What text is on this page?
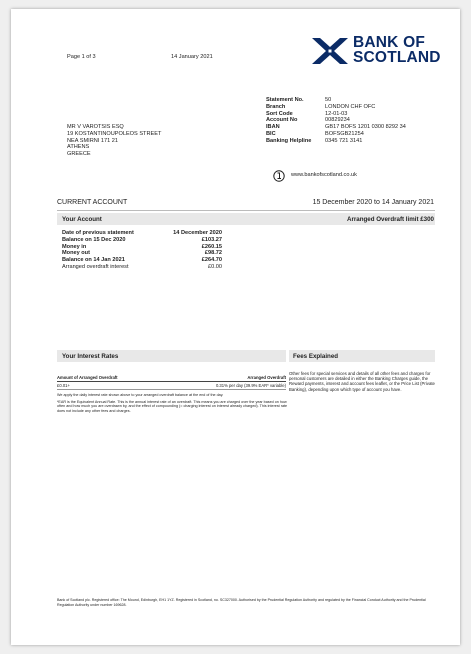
Page 1 of 3	14 January 2021
BANK OF
SCOTLAND
MR V VAROTSIS ESQ
19 KOSTANTINOUPOLEOS STREET
NEA SMIRNI 171 21
ATHENS
GREECE
Statement No.	50
Branch	LONDON CHF OFC
Sort Code	12-01-03
Account No	00829234
IBAN	GB17 BOFS 1201 0300 8292 34
BIC	BOFSGB21254
Banking Helpline	0345 721 3141
www.bankofscotland.co.uk
CURRENT ACCOUNT	15 December 2020 to 14 January 2021
Your Account	Arranged Overdraft limit £300
Date of previous statement	14 December 2020
Balance on 15 Dec 2020	£103.27
Money in	£260.15
Money out	£98.72
Balance on 14 Jan 2021	£264.70
Arranged overdraft interest	£0.00
Your Interest Rates
Amount of Arranged Overdraft	Arranged Overdraft
£0.01+	0.31% per day (39.9% EAR* variable)
We apply the daily interest rate shown above to your arranged overdraft balance at the end of the day.
*EAR is the Equivalent Annual Rate. This is the annual interest rate of an overdraft. This means you are charged over the year based on how often and how much you are overdrawn by, and the effect of compounding (= charging interest on interest already charged). This interest rate does not include any other fees and charges.
Fees Explained
Other fees for special services and details of all other fees and charges for personal customers are detailed in either the Banking Charges guide, the Reward payments, interest and account fees leaflet, or the Price List (Private Banking), depending upon which type of account you have.
Bank of Scotland plc. Registered office: The Mound, Edinburgh, EH1 1YZ. Registered in Scotland, no. SC327000. Authorised by the Prudential Regulation Authority and regulated by the Financial Conduct Authority and the Prudential Regulation Authority under number 169628.
